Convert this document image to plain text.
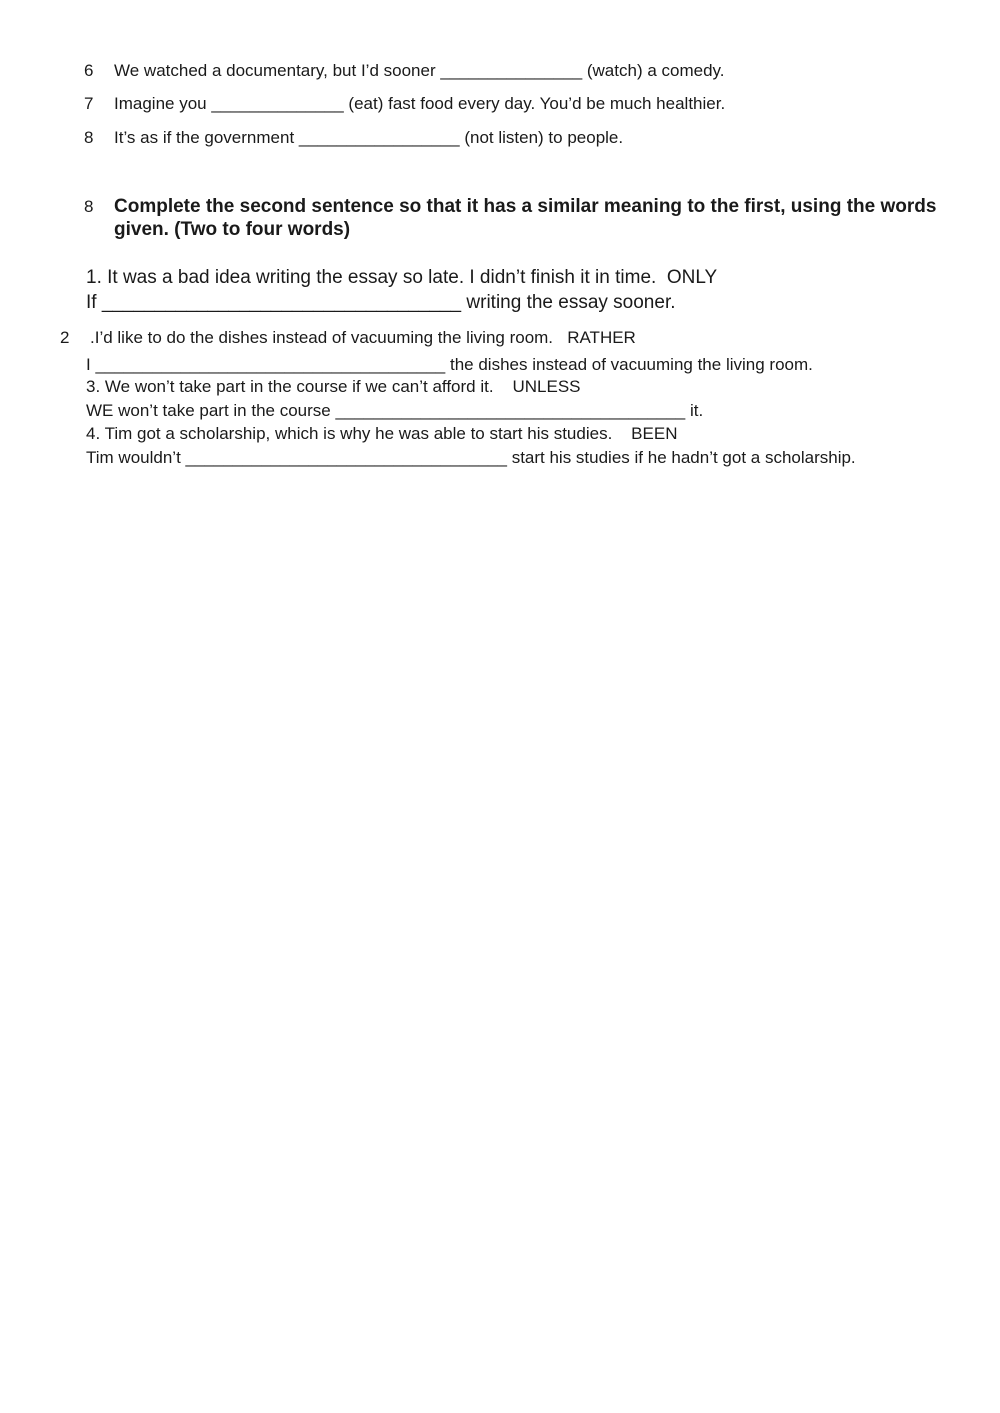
6 We watched a documentary, but I’d sooner _______________ (watch) a comedy.
7 Imagine you ______________ (eat) fast food every day. You’d be much healthier.
8 It’s as if the government _________________ (not listen) to people.
8 Complete the second sentence so that it has a similar meaning to the first, using the words given. (Two to four words)
1. It was a bad idea writing the essay so late. I didn’t finish it in time.  ONLY
If __________________________________ writing the essay sooner.
2 .I’d like to do the dishes instead of vacuuming the living room.   RATHER
I _____________________________________ the dishes instead of vacuuming the living room.
3. We won’t take part in the course if we can’t afford it.    UNLESS
WE won’t take part in the course _____________________________________ it.
4. Tim got a scholarship, which is why he was able to start his studies.    BEEN
Tim wouldn’t __________________________________ start his studies if he hadn’t got a scholarship.
